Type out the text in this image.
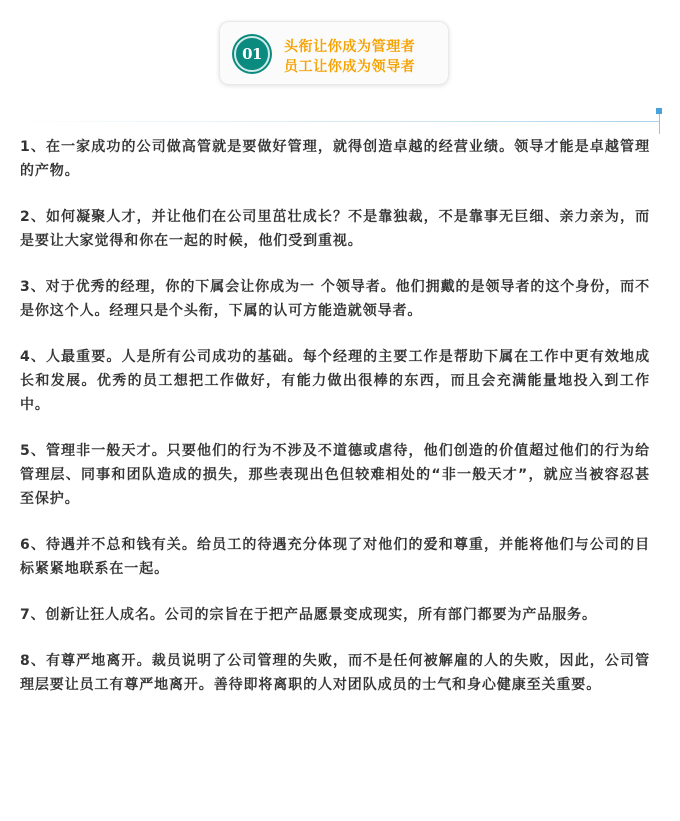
01	头衔让你成为管理者
员工让你成为领导者

1、在一家成功的公司做高管就是要做好管理，就得创造卓越的经营业绩。领导才能是卓越管理的产物。

2、如何凝聚人才，并让他们在公司里茁壮成长？不是靠独裁，不是靠事无巨细、亲力亲为，而是要让大家觉得和你在一起的时候，他们受到重视。

3、对于优秀的经理，你的下属会让你成为一 个领导者。他们拥戴的是领导者的这个身份，而不是你这个人。经理只是个头衔，下属的认可方能造就领导者。

4、人最重要。人是所有公司成功的基础。每个经理的主要工作是帮助下属在工作中更有效地成长和发展。优秀的员工想把工作做好，有能力做出很棒的东西，而且会充满能量地投入到工作中。

5、管理非一般天才。只要他们的行为不涉及不道德或虐待，他们创造的价值超过他们的行为给管理层、同事和团队造成的损失，那些表现出色但较难相处的“非一般天才”，就应当被容忍甚至保护。

6、待遇并不总和钱有关。给员工的待遇充分体现了对他们的爱和尊重，并能将他们与公司的目标紧紧地联系在一起。

7、创新让狂人成名。公司的宗旨在于把产品愿景变成现实，所有部门都要为产品服务。

8、有尊严地离开。裁员说明了公司管理的失败，而不是任何被解雇的人的失败，因此，公司管理层要让员工有尊严地离开。善待即将离职的人对团队成员的士气和身心健康至关重要。
